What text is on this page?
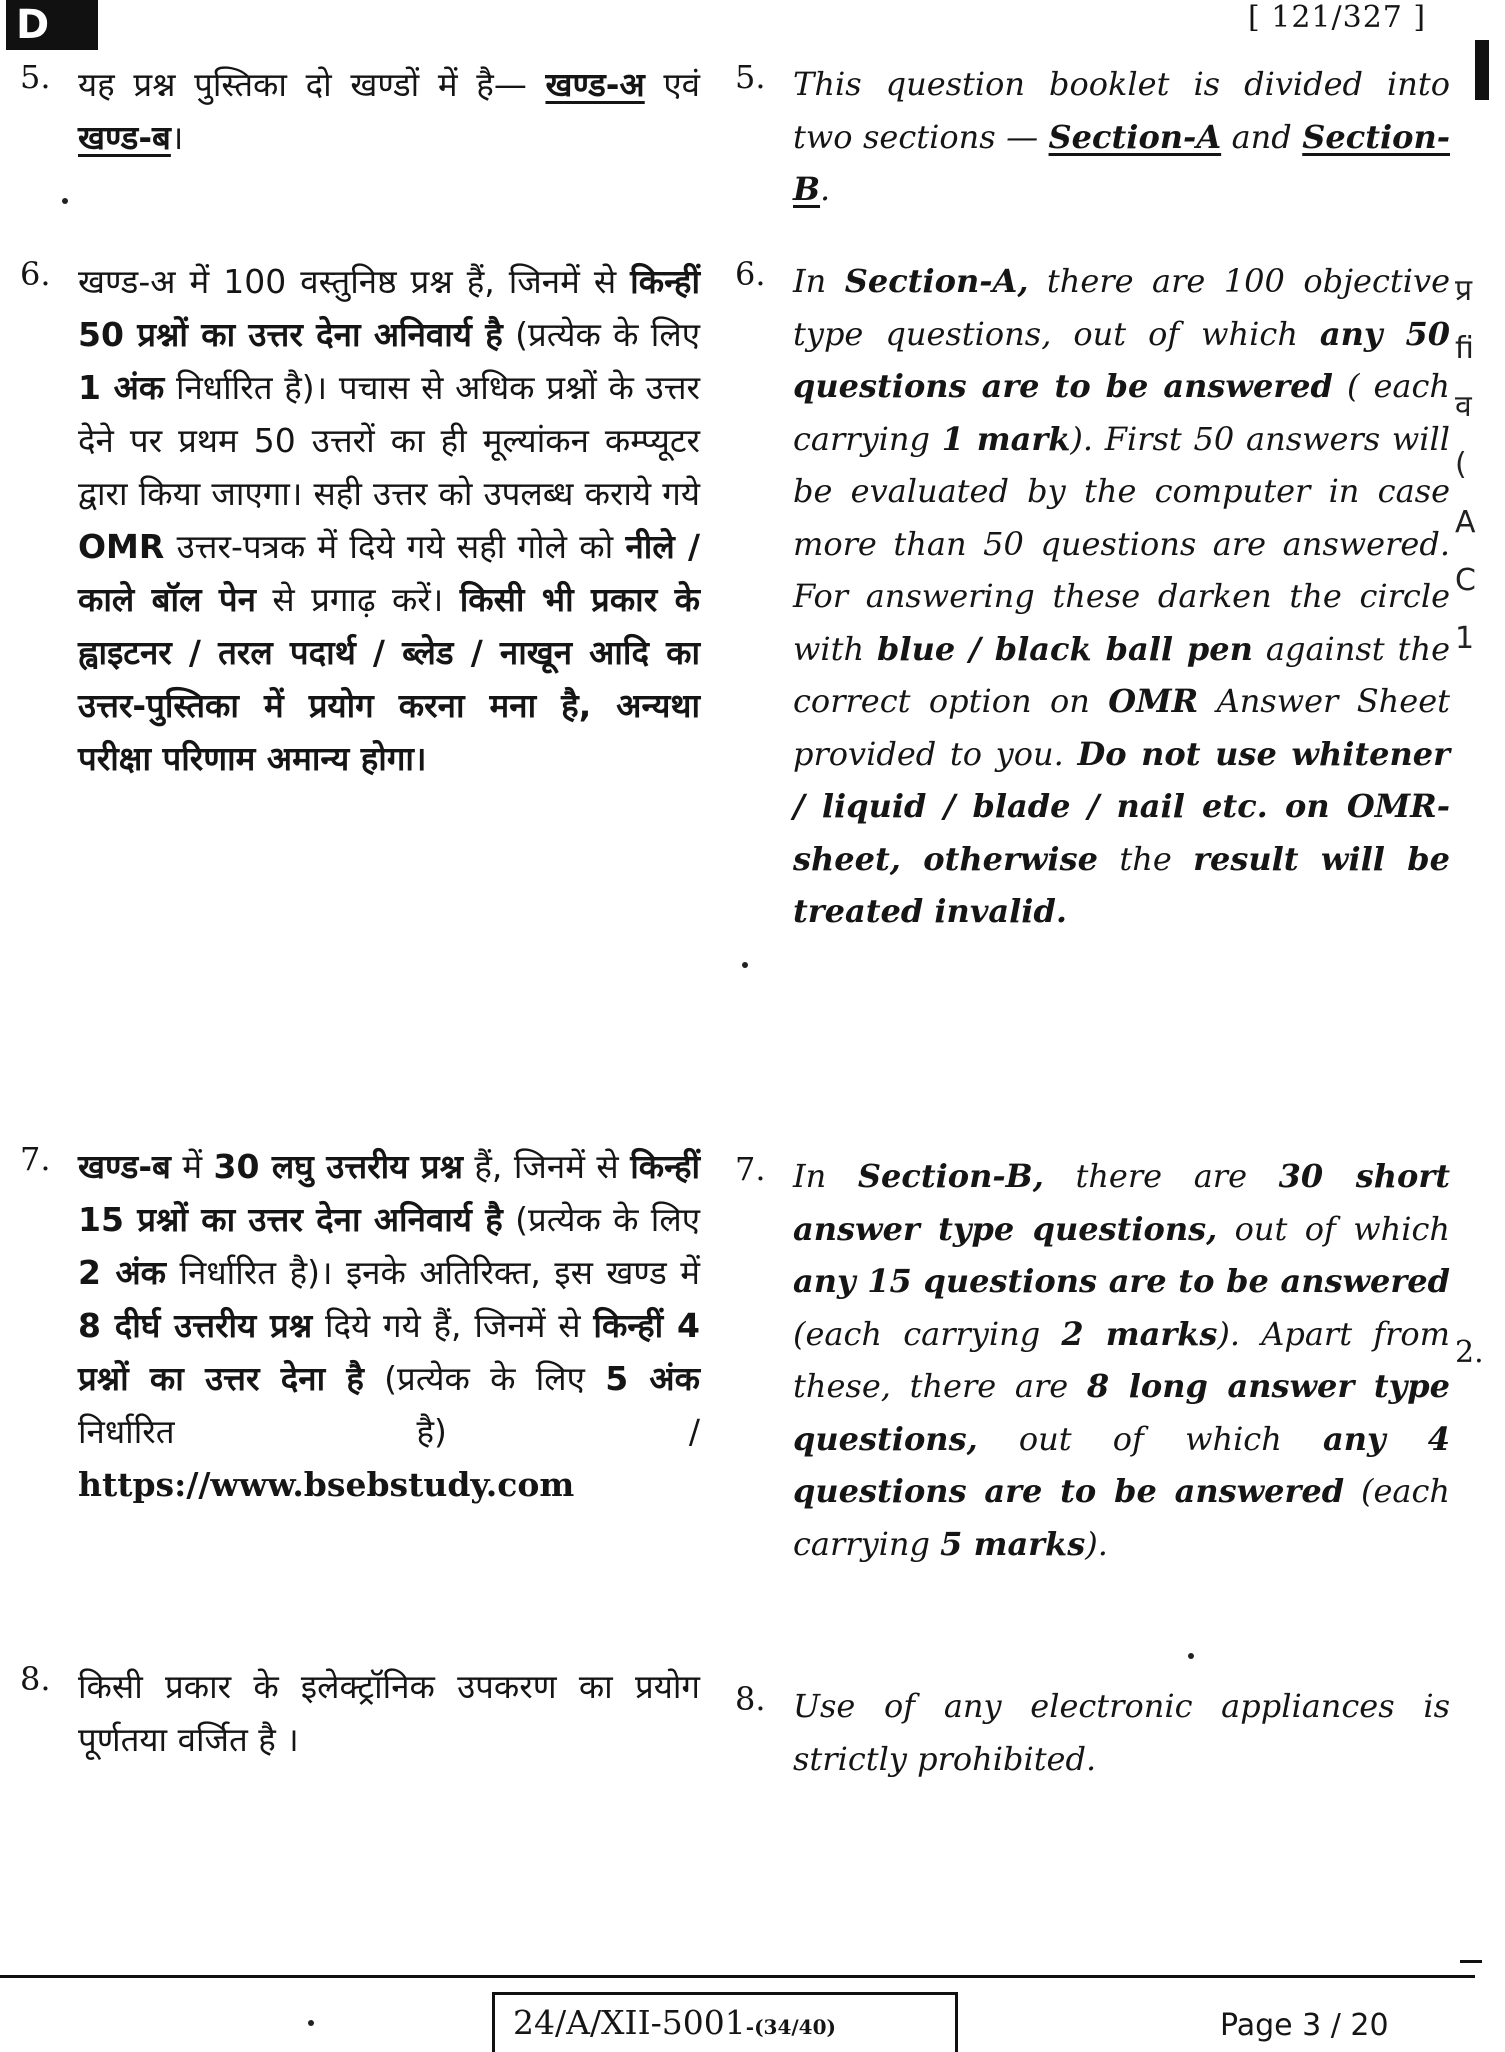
D	[ 121/327 ]
5. यह प्रश्न पुस्तिका दो खण्डों में है— खण्ड-अ एवं खण्ड-ब।
6. खण्ड-अ में 100 वस्तुनिष्ठ प्रश्न हैं, जिनमें से किन्हीं 50 प्रश्नों का उत्तर देना अनिवार्य है (प्रत्येक के लिए 1 अंक निर्धारित है)। पचास से अधिक प्रश्नों के उत्तर देने पर प्रथम 50 उत्तरों का ही मूल्यांकन कम्प्यूटर द्वारा किया जाएगा। सही उत्तर को उपलब्ध कराये गये OMR उत्तर-पत्रक में दिये गये सही गोले को नीले / काले बॉल पेन से प्रगाढ़ करें। किसी भी प्रकार के ह्वाइटनर / तरल पदार्थ / ब्लेड / नाखून आदि का उत्तर-पुस्तिका में प्रयोग करना मना है, अन्यथा परीक्षा परिणाम अमान्य होगा।
7. खण्ड-ब में 30 लघु उत्तरीय प्रश्न हैं, जिनमें से किन्हीं 15 प्रश्नों का उत्तर देना अनिवार्य है (प्रत्येक के लिए 2 अंक निर्धारित है)। इनके अतिरिक्त, इस खण्ड में 8 दीर्घ उत्तरीय प्रश्न दिये गये हैं, जिनमें से किन्हीं 4 प्रश्नों का उत्तर देना है (प्रत्येक के लिए 5 अंक निर्धारित है) / https://www.bsebstudy.com
8. किसी प्रकार के इलेक्ट्रॉनिक उपकरण का प्रयोग पूर्णतया वर्जित है ।
5. This question booklet is divided into two sections — Section-A and Section-B.
6. In Section-A, there are 100 objective type questions, out of which any 50 questions are to be answered ( each carrying 1 mark). First 50 answers will be evaluated by the computer in case more than 50 questions are answered. For answering these darken the circle with blue / black ball pen against the correct option on OMR Answer Sheet provided to you. Do not use whitener / liquid / blade / nail etc. on OMR-sheet, otherwise the result will be treated invalid.
7. In Section-B, there are 30 short answer type questions, out of which any 15 questions are to be answered (each carrying 2 marks). Apart from these, there are 8 long answer type questions, out of which any 4 questions are to be answered (each carrying 5 marks).
8. Use of any electronic appliances is strictly prohibited.
प्र
fi
व
(
A
C
1
2.
24/A/XII-5001-(34/40)	Page 3 / 20
